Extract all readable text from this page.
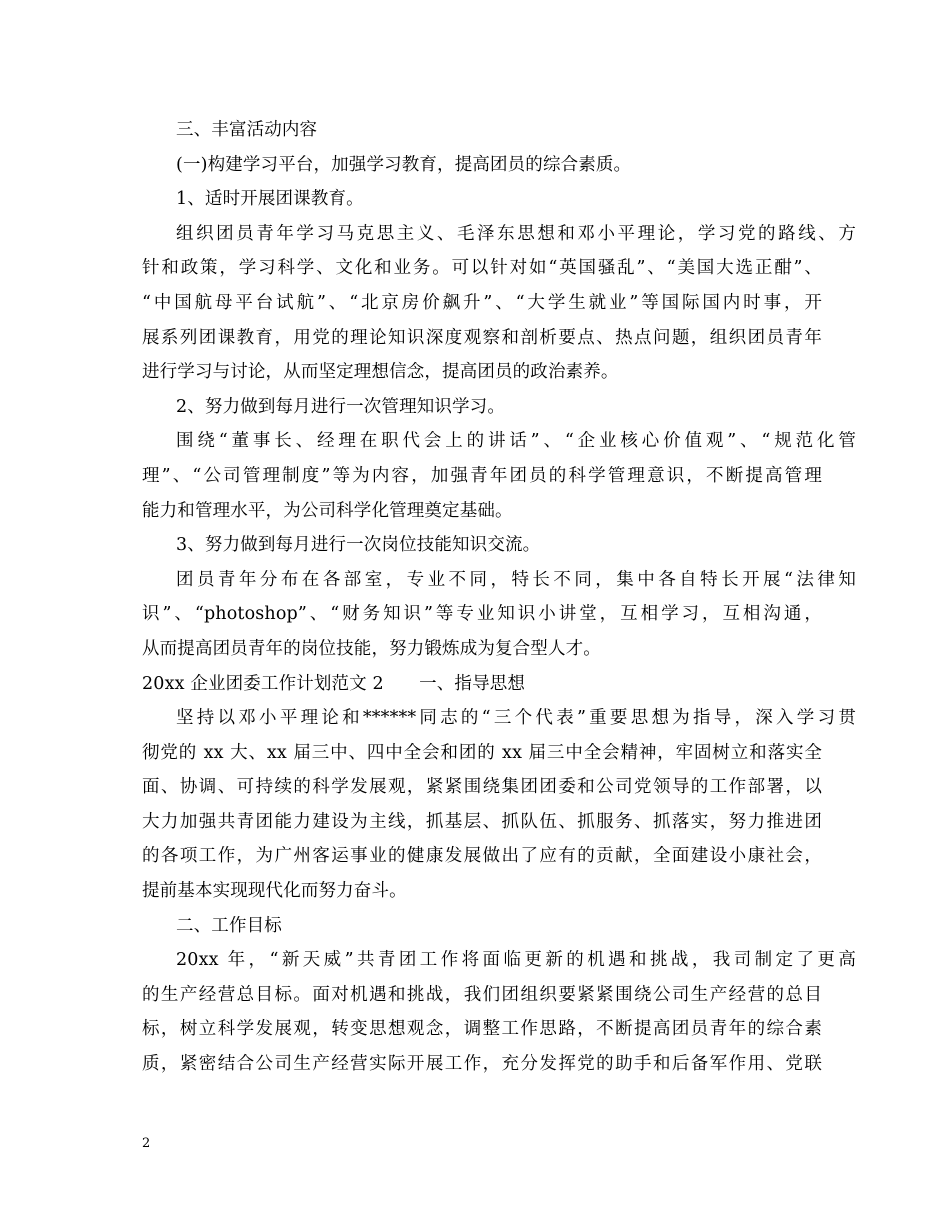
三、丰富活动内容
(一)构建学习平台，加强学习教育，提高团员的综合素质。
1、适时开展团课教育。
组织团员青年学习马克思主义、毛泽东思想和邓小平理论，学习党的路线、方
针和政策，学习科学、文化和业务。可以针对如“英国骚乱”、“美国大选正酣”、
“中国航母平台试航”、“北京房价飙升”、“大学生就业”等国际国内时事，开
展系列团课教育，用党的理论知识深度观察和剖析要点、热点问题，组织团员青年
进行学习与讨论，从而坚定理想信念，提高团员的政治素养。
2、努力做到每月进行一次管理知识学习。
围绕“董事长、经理在职代会上的讲话”、“企业核心价值观”、“规范化管
理”、“公司管理制度”等为内容，加强青年团员的科学管理意识，不断提高管理
能力和管理水平，为公司科学化管理奠定基础。
3、努力做到每月进行一次岗位技能知识交流。
团员青年分布在各部室，专业不同，特长不同，集中各自特长开展“法律知
识”、“photoshop”、“财务知识”等专业知识小讲堂，互相学习，互相沟通，
从而提高团员青年的岗位技能，努力锻炼成为复合型人才。
20xx 企业团委工作计划范文 2　　一、指导思想
坚持以邓小平理论和******同志的“三个代表”重要思想为指导，深入学习贯
彻党的 xx 大、xx 届三中、四中全会和团的 xx 届三中全会精神，牢固树立和落实全
面、协调、可持续的科学发展观，紧紧围绕集团团委和公司党领导的工作部署，以
大力加强共青团能力建设为主线，抓基层、抓队伍、抓服务、抓落实，努力推进团
的各项工作，为广州客运事业的健康发展做出了应有的贡献，全面建设小康社会，
提前基本实现现代化而努力奋斗。
二、工作目标
20xx 年，“新天威”共青团工作将面临更新的机遇和挑战，我司制定了更高
的生产经营总目标。面对机遇和挑战，我们团组织要紧紧围绕公司生产经营的总目
标，树立科学发展观，转变思想观念，调整工作思路，不断提高团员青年的综合素
质，紧密结合公司生产经营实际开展工作，充分发挥党的助手和后备军作用、党联
2
